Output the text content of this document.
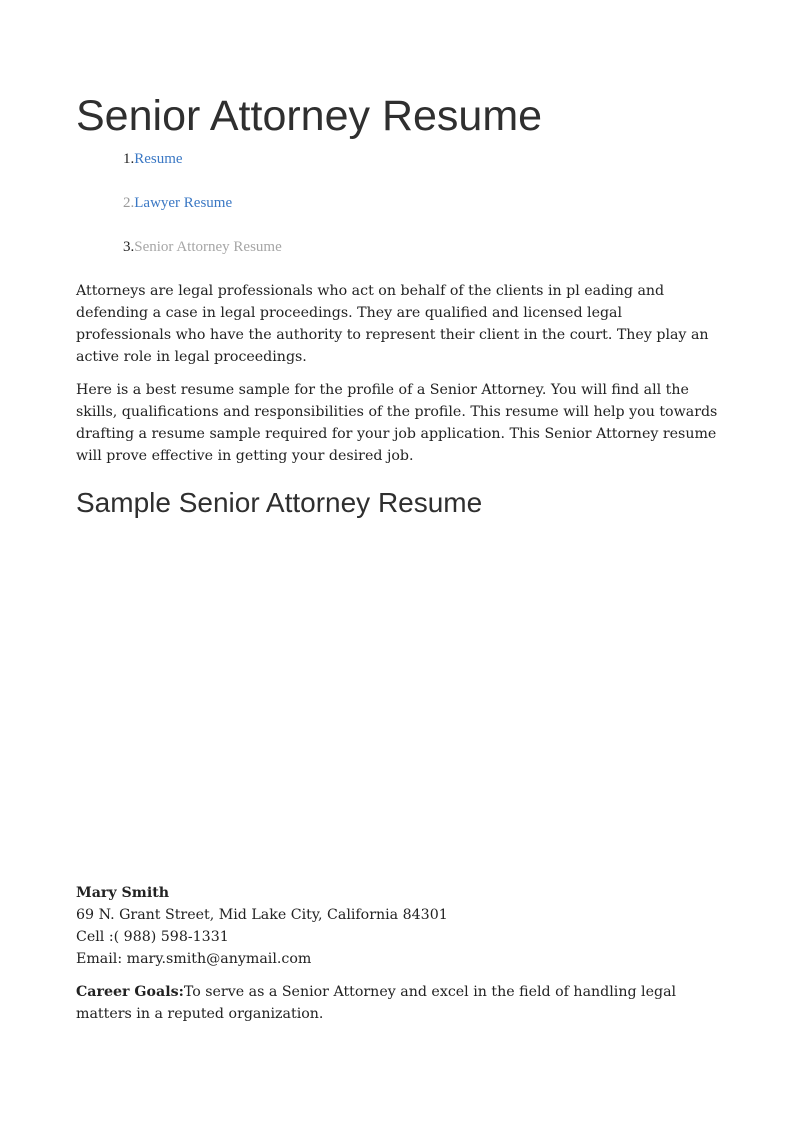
Senior Attorney Resume
1.Resume
2.Lawyer Resume
3.Senior Attorney Resume

Attorneys are legal professionals who act on behalf of the clients in pl eading and defending a case in legal proceedings. They are qualified and licensed legal professionals who have the authority to represent their client in the court. They play an active role in legal proceedings.

Here is a best resume sample for the profile of a Senior Attorney. You will find all the skills, qualifications and responsibilities of the profile. This resume will help you towards drafting a resume sample required for your job application. This Senior Attorney resume will prove effective in getting your desired job.

Sample Senior Attorney Resume
Mary Smith
69 N. Grant Street, Mid Lake City, California 84301
Cell :( 988) 598-1331
Email: mary.smith@anymail.com

Career Goals:To serve as a Senior Attorney and excel in the field of handling legal matters in a reputed organization.
